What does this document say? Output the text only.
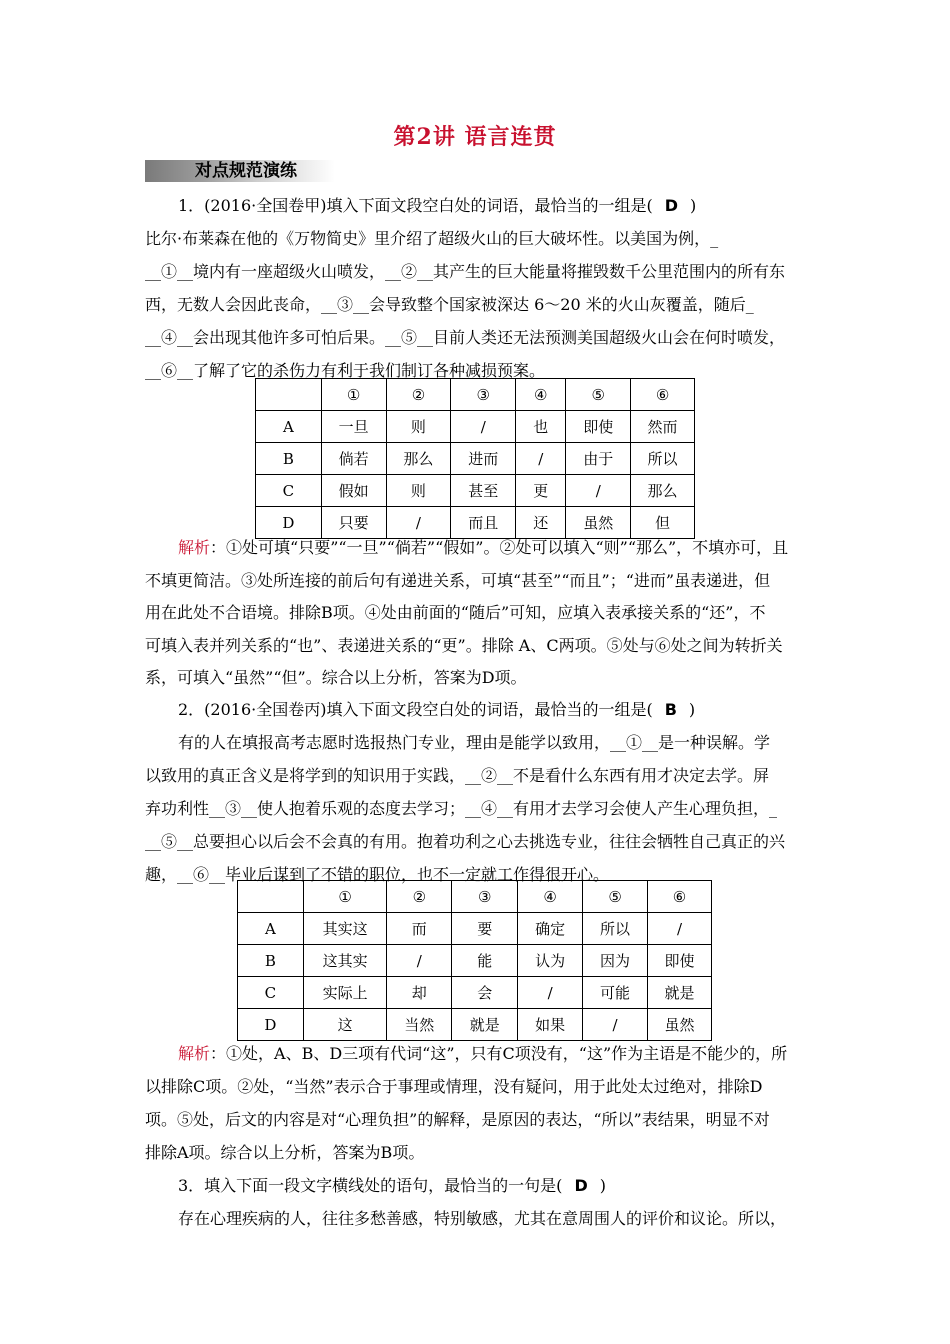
第2讲 语言连贯
对点规范演练
1．(2016·全国卷甲)填入下面文段空白处的词语，最恰当的一组是( D )
比尔·布莱森在他的《万物简史》里介绍了超级火山的巨大破坏性。以美国为例，_
__①__境内有一座超级火山喷发，__②__其产生的巨大能量将摧毁数千公里范围内的所有东
西，无数人会因此丧命，__③__会导致整个国家被深达 6～20 米的火山灰覆盖，随后_
__④__会出现其他许多可怕后果。__⑤__目前人类还无法预测美国超级火山会在何时喷发，
__⑥__了解了它的杀伤力有利于我们制订各种减损预案。
	①	②	③	④	⑤	⑥
A	一旦	则	/	也	即使	然而
B	倘若	那么	进而	/	由于	所以
C	假如	则	甚至	更	/	那么
D	只要	/	而且	还	虽然	但
解析：①处可填“只要”“一旦”“倘若”“假如”。②处可以填入“则”“那么”，不填亦可，且
不填更简洁。③处所连接的前后句有递进关系，可填“甚至”“而且”；“进而”虽表递进，但
用在此处不合语境。排除B项。④处由前面的“随后”可知，应填入表承接关系的“还”，不
可填入表并列关系的“也”、表递进关系的“更”。排除 A、C两项。⑤处与⑥处之间为转折关
系，可填入“虽然”“但”。综合以上分析，答案为D项。
2．(2016·全国卷丙)填入下面文段空白处的词语，最恰当的一组是( B )
有的人在填报高考志愿时选报热门专业，理由是能学以致用，__①__是一种误解。学
以致用的真正含义是将学到的知识用于实践，__②__不是看什么东西有用才决定去学。屏
弃功利性__③__使人抱着乐观的态度去学习；__④__有用才去学习会使人产生心理负担，_
__⑤__总要担心以后会不会真的有用。抱着功利之心去挑选专业，往往会牺牲自己真正的兴
趣，__⑥__毕业后谋到了不错的职位，也不一定就工作得很开心。
	①	②	③	④	⑤	⑥
A	其实这	而	要	确定	所以	/
B	这其实	/	能	认为	因为	即使
C	实际上	却	会	/	可能	就是
D	这	当然	就是	如果	/	虽然
解析：①处，A、B、D三项有代词“这”，只有C项没有，“这”作为主语是不能少的，所
以排除C项。②处，“当然”表示合于事理或情理，没有疑问，用于此处太过绝对，排除D
项。⑤处，后文的内容是对“心理负担”的解释，是原因的表达，“所以”表结果，明显不对
排除A项。综合以上分析，答案为B项。
3．填入下面一段文字横线处的语句，最恰当的一句是( D )
存在心理疾病的人，往往多愁善感，特别敏感，尤其在意周围人的评价和议论。所以，
